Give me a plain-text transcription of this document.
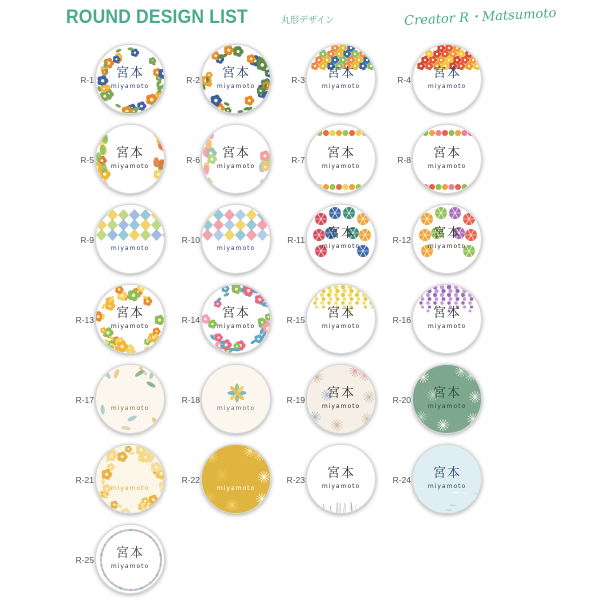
ROUND DESIGN LIST	丸形デザイン	Creator R・Matsumoto
R-1	宮本
miyamoto
R-2	宮本
miyamoto
R-3	宮本
miyamoto
R-4	宮本
miyamoto
R-5	宮本
miyamoto
R-6	宮本
miyamoto
R-7	宮本
miyamoto
R-8	宮本
miyamoto
R-9
miyamoto
R-10
miyamoto
R-11	宮本
miyamoto
R-12	宮本
miyamoto
R-13	宮本
miyamoto
R-14	宮本
miyamoto
R-15	宮本
miyamoto
R-16	宮本
miyamoto
R-17
miyamoto
R-18
miyamoto
R-19	宮本
miyamoto
R-20	宮本
miyamoto
R-21
miyamoto
R-22
miyamoto
R-23	宮本
miyamoto
R-24	宮本
miyamoto
R-25	宮本
miyamoto
